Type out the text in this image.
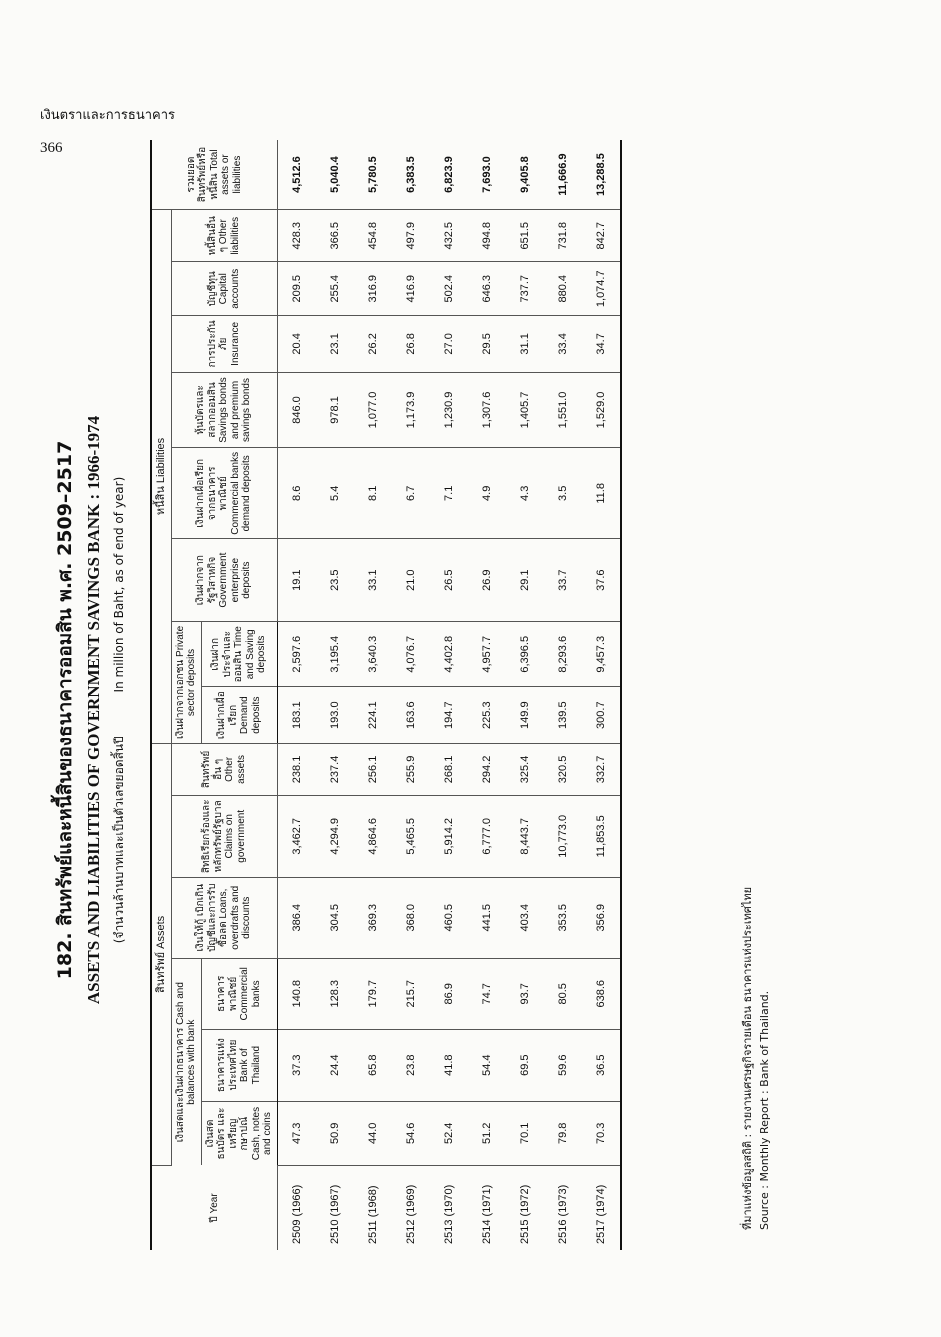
เงินตราและการธนาคาร
366
182. สินทรัพย์และหนี้สินของธนาคารออมสิน พ.ศ. 2509–2517 ASSETS AND LIABILITIES OF GOVERNMENT SAVINGS BANK : 1966-1974 (จำนวนล้านบาทและเป็นตัวเลขยอดสิ้นปี In million of Baht, as of end of year)
ปี Year	สินทรัพย์ Assets						หนี้สิน Liabilities								รวมยอดสินทรัพย์หรือหนี้สิน Total assets or liabilities
	เงินสดและเงินฝากธนาคาร Cash and balances with bank			เงินให้กู้ เบิกเกินบัญชีและการรับซื้อลด Loans, overdrafts and discounts	สิทธิเรียกร้องและหลักทรัพย์รัฐบาล Claims on government	สินทรัพย์อื่น ๆ Other assets	เงินฝากจากเอกชน Private sector deposits		เงินฝากจากรัฐวิสาหกิจ Government enterprise deposits	เงินฝากเผื่อเรียกจากธนาคารพาณิชย์ Commercial banks demand deposits	หุ้นบัตรและสลากออมสิน Savings bonds and premium savings bonds	การประกันภัย Insurance	บัญชีทุน Capital accounts	หนี้สินอื่น ๆ Other liabilities	
	เงินสด ธนบัตร และเหรียญกษาปณ์ Cash, notes and coins	ธนาคารแห่งประเทศไทย Bank of Thailand	ธนาคารพาณิชย์ Commercial banks				เงินฝากเผื่อเรียก Demand deposits	เงินฝากประจำและออมสิน Time and Saving deposits							
2509 (1966)	47.3	37.3	140.8	386.4	3,462.7	238.1	183.1	2,597.6	19.1	8.6	846.0	20.4	209.5	428.3	4,512.6
2510 (1967)	50.9	24.4	128.3	304.5	4,294.9	237.4	193.0	3,195.4	23.5	5.4	978.1	23.1	255.4	366.5	5,040.4
2511 (1968)	44.0	65.8	179.7	369.3	4,864.6	256.1	224.1	3,640.3	33.1	8.1	1,077.0	26.2	316.9	454.8	5,780.5
2512 (1969)	54.6	23.8	215.7	368.0	5,465.5	255.9	163.6	4,076.7	21.0	6.7	1,173.9	26.8	416.9	497.9	6,383.5
2513 (1970)	52.4	41.8	86.9	460.5	5,914.2	268.1	194.7	4,402.8	26.5	7.1	1,230.9	27.0	502.4	432.5	6,823.9
2514 (1971)	51.2	54.4	74.7	441.5	6,777.0	294.2	225.3	4,957.7	26.9	4.9	1,307.6	29.5	646.3	494.8	7,693.0
2515 (1972)	70.1	69.5	93.7	403.4	8,443.7	325.4	149.9	6,396.5	29.1	4.3	1,405.7	31.1	737.7	651.5	9,405.8
2516 (1973)	79.8	59.6	80.5	353.5	10,773.0	320.5	139.5	8,293.6	33.7	3.5	1,551.0	33.4	880.4	731.8	11,666.9
2517 (1974)	70.3	36.5	638.6	356.9	11,853.5	332.7	300.7	9,457.3	37.6	11.8	1,529.0	34.7	1,074.7	842.7	13,288.5
ที่มาแห่งข้อมูลสถิติ : รายงานเศรษฐกิจรายเดือน ธนาคารแห่งประเทศไทย Source : Monthly Report : Bank of Thailand.
